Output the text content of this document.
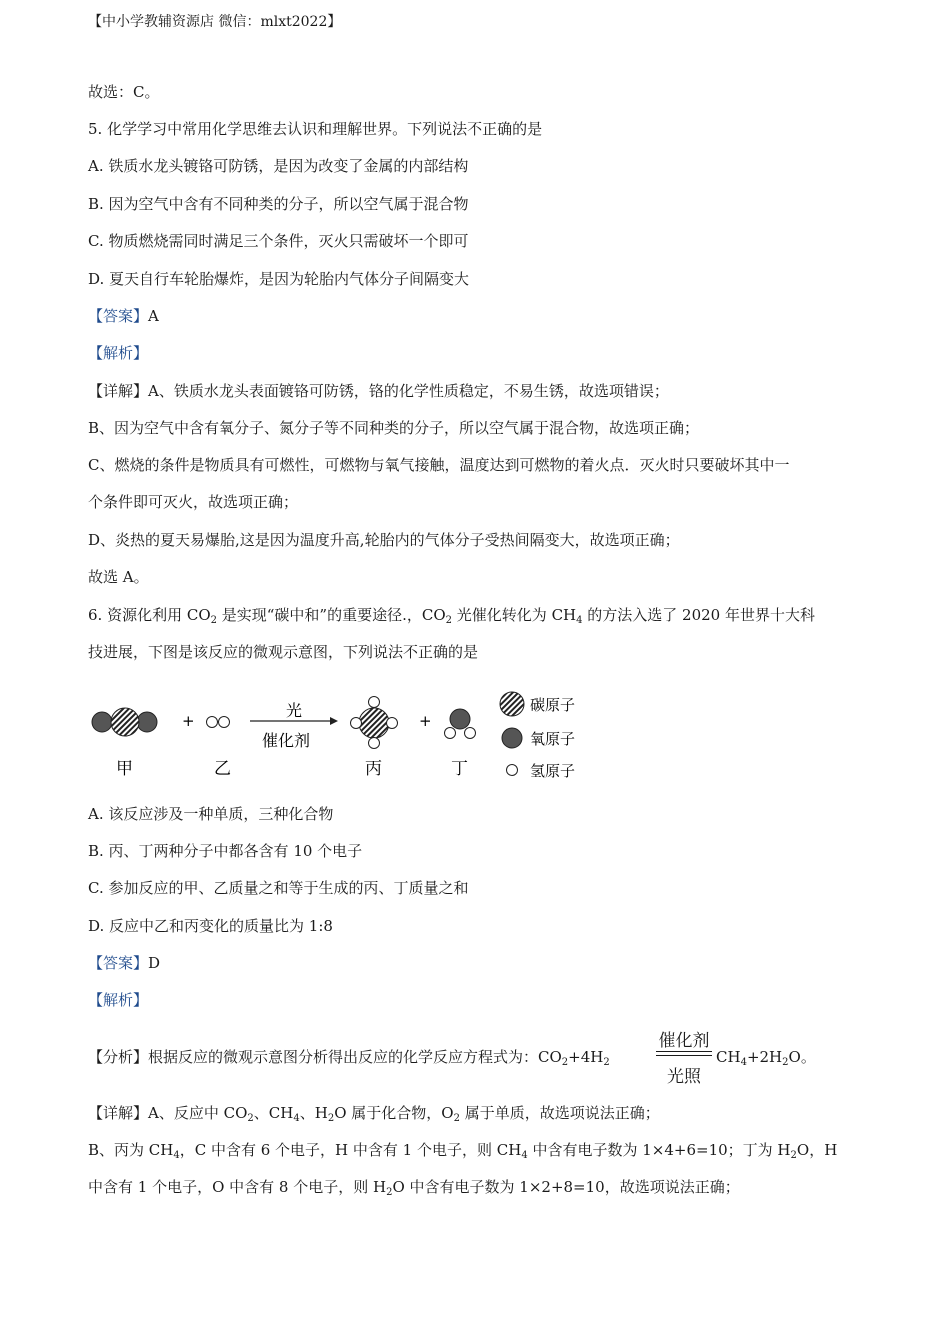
【中小学教辅资源店 微信：mlxt2022】
故选：C。
5. 化学学习中常用化学思维去认识和理解世界。下列说法不正确的是
A. 铁质水龙头镀铬可防锈，是因为改变了金属的内部结构
B. 因为空气中含有不同种类的分子，所以空气属于混合物
C. 物质燃烧需同时满足三个条件，灭火只需破坏一个即可
D. 夏天自行车轮胎爆炸，是因为轮胎内气体分子间隔变大
【答案】A
【解析】
【详解】A、铁质水龙头表面镀铬可防锈，铬的化学性质稳定，不易生锈，故选项错误；
B、因为空气中含有氧分子、氮分子等不同种类的分子，所以空气属于混合物，故选项正确；
C、燃烧的条件是物质具有可燃性，可燃物与氧气接触，温度达到可燃物的着火点．灭火时只要破坏其中一
个条件即可灭火，故选项正确；
D、炎热的夏天易爆胎,这是因为温度升高,轮胎内的气体分子受热间隔变大，故选项正确；
故选 A。
6. 资源化利用 $CO_2$ 是实现“碳中和”的重要途径.，$CO_2$ 光催化转化为 $CH_4$ 的方法入选了 2020 年世界十大科
技进展，下图是该反应的微观示意图，下列说法不正确的是
+
光
催化剂
+
甲	乙	丙	丁
碳原子
氧原子
氢原子
A. 该反应涉及一种单质，三种化合物
B. 丙、丁两种分子中都各含有 10 个电子
C. 参加反应的甲、乙质量之和等于生成的丙、丁质量之和
D. 反应中乙和丙变化的质量比为 1:8
【答案】D
【解析】
【分析】根据反应的微观示意图分析得出反应的化学反应方程式为：$CO_2+4H_2$
催化剂
光照
$CH_4+2H_2O$。
【详解】A、反应中 $CO_2$、$CH_4$、$H_2O$ 属于化合物，$O_2$ 属于单质，故选项说法正确；
B、丙为 $CH_4$，C 中含有 6 个电子，H 中含有 1 个电子，则 $CH_4$ 中含有电子数为 1×4+6=10；丁为 $H_2O$，H
中含有 1 个电子，O 中含有 8 个电子，则 $H_2O$ 中含有电子数为 1×2+8=10，故选项说法正确；
